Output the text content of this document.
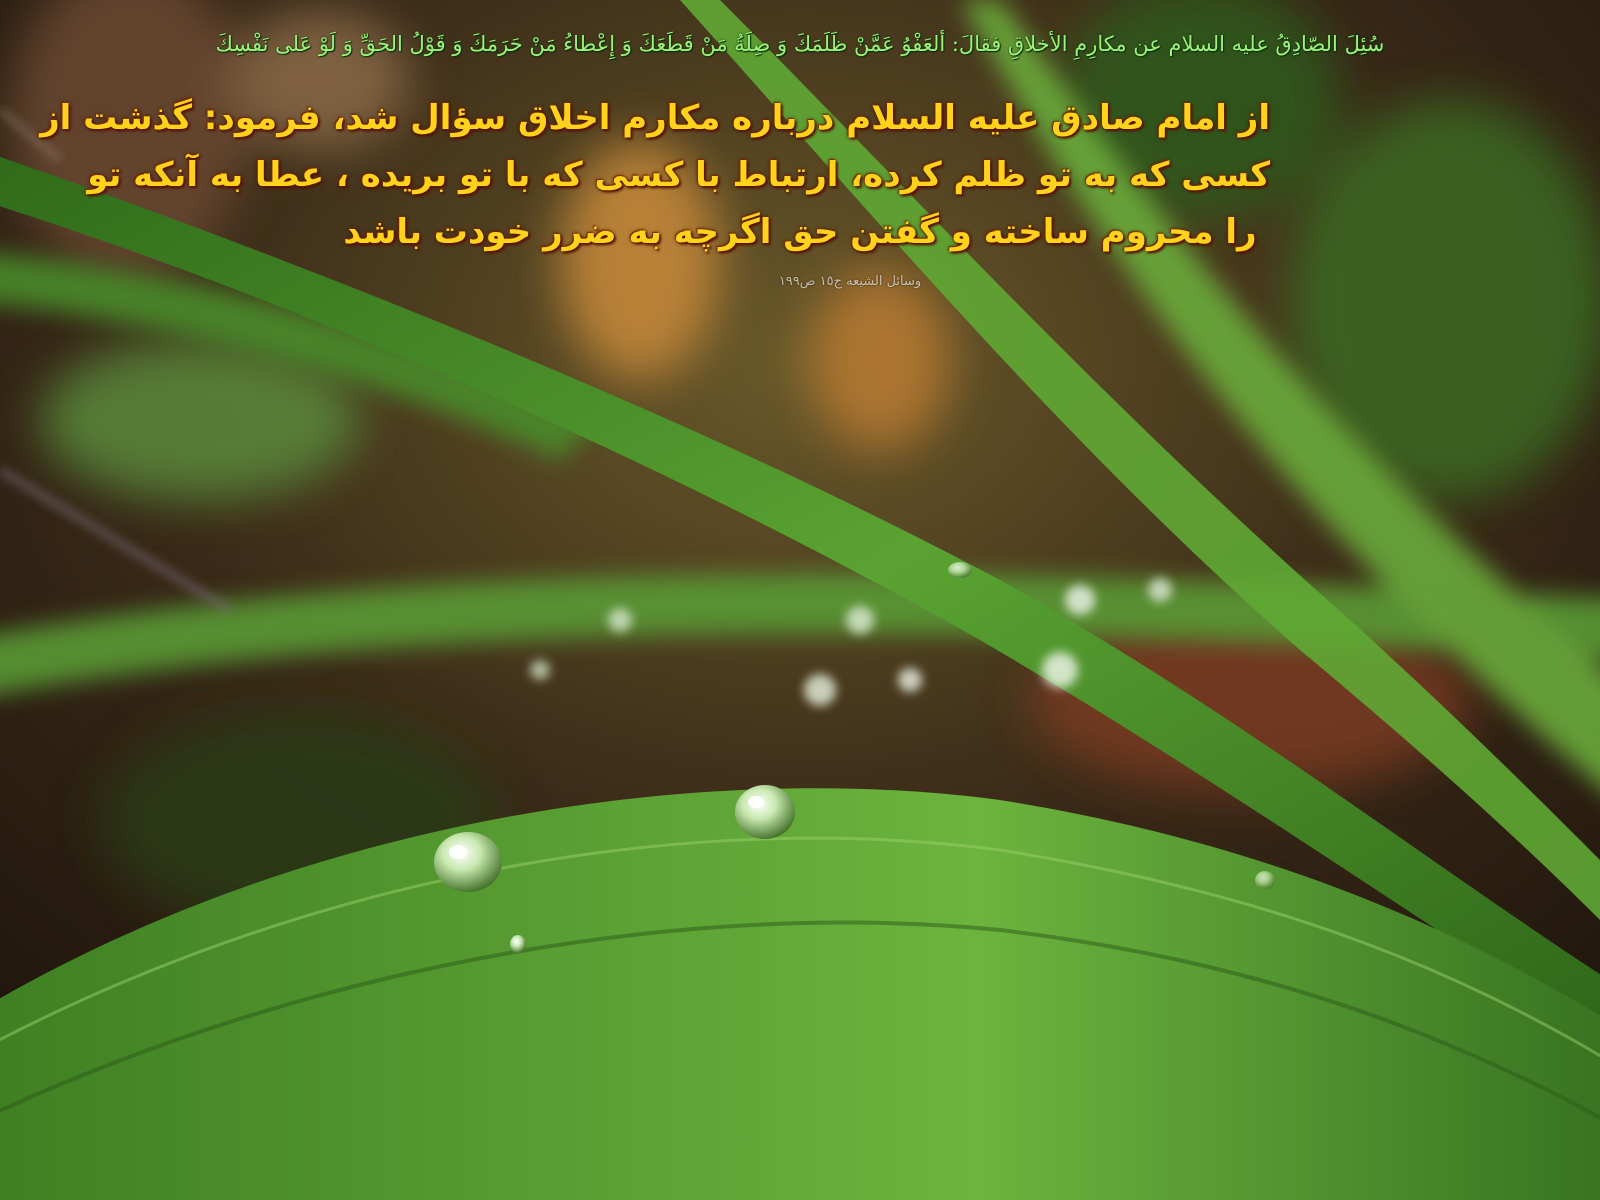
سُئِلَ الصّادِقُ عليه السلام عن مكارِمِ الأخلاقِ فقالَ: ألعَفْوُ عَمَّنْ ظَلَمَكَ وَ صِلَةُ مَنْ قَطَعَكَ وَ إِعْطاءُ مَنْ حَرَمَكَ وَ قَوْلُ الحَقِّ وَ لَوْ عَلى نَفْسِكَ
از امام صادق عليه السلام درباره مکارم اخلاق سؤال شد، فرمود: گذشت از
کسی که به تو ظلم کرده، ارتباط با کسی که با تو بریده ، عطا به آنکه تو
را محروم ساخته و گفتن حق اگرچه به ضرر خودت باشد
وسائل الشيعه ج١٥ ص١٩٩
